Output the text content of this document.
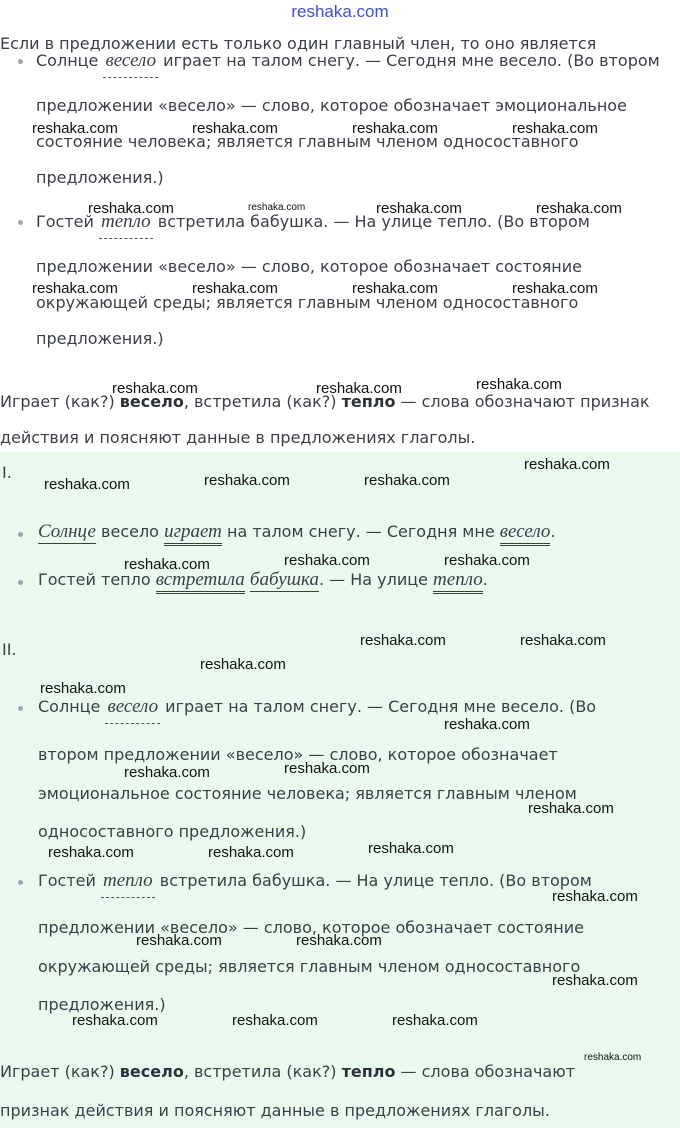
reshaka.com
Если в предложении есть только один главный член, то оно является
Солнце весело играет на талом снегу. — Сегодня мне весело. (Во втором
предложении «весело» — слово, которое обозначает эмоциональное
состояние человека; является главным членом односоставного
предложения.)
Гостей тепло встретила бабушка. — На улице тепло. (Во втором
предложении «весело» — слово, которое обозначает состояние
окружающей среды; является главным членом односоставного
предложения.)
Играет (как?) весело, встретила (как?) тепло — слова обозначают признак
действия и поясняют данные в предложениях глаголы.
I.
Солнце весело играет на талом снегу. — Сегодня мне весело.
Гостей тепло встретила бабушка. — На улице тепло.
II.
Солнце весело играет на талом снегу. — Сегодня мне весело. (Во
втором предложении «весело» — слово, которое обозначает
эмоциональное состояние человека; является главным членом
односоставного предложения.)
Гостей тепло встретила бабушка. — На улице тепло. (Во втором
предложении «весело» — слово, которое обозначает состояние
окружающей среды; является главным членом односоставного
предложения.)
Играет (как?) весело, встретила (как?) тепло — слова обозначают
признак действия и поясняют данные в предложениях глаголы.
reshaka.com	reshaka.com	reshaka.com	reshaka.com
reshaka.com	reshaka.com	reshaka.com	reshaka.com
reshaka.com	reshaka.com	reshaka.com	reshaka.com
reshaka.com	reshaka.com	reshaka.com
reshaka.com
reshaka.com	reshaka.com	reshaka.com
reshaka.com	reshaka.com	reshaka.com
reshaka.com	reshaka.com
reshaka.com
reshaka.com
reshaka.com
reshaka.com	reshaka.com
reshaka.com
reshaka.com	reshaka.com	reshaka.com
reshaka.com
reshaka.com	reshaka.com
reshaka.com
reshaka.com	reshaka.com	reshaka.com
reshaka.com
